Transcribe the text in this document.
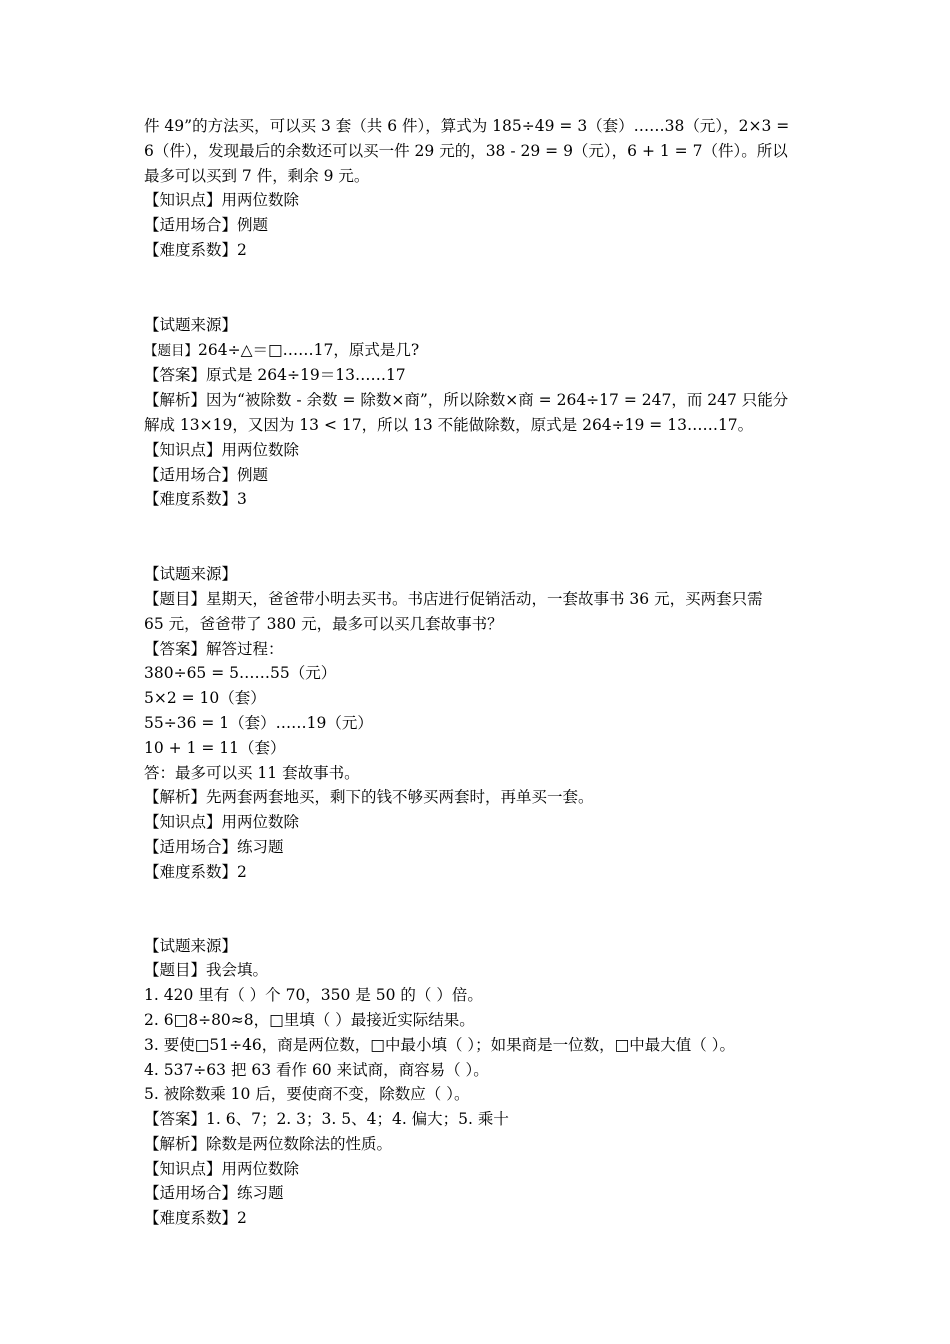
件 49”的方法买，可以买 3 套（共 6 件），算式为 185÷49 = 3（套）……38（元），2×3 =

6（件），发现最后的余数还可以买一件 29 元的，38 - 29 = 9（元），6 + 1 = 7（件）。所以

最多可以买到 7 件，剩余 9 元。

【知识点】用两位数除

【适用场合】例题

【难度系数】2

【试题来源】

【题目】264÷△＝□……17，原式是几?

【答案】原式是 264÷19＝13……17

【解析】因为“被除数 - 余数 = 除数×商”，所以除数×商 = 264÷17 = 247，而 247 只能分

解成 13×19，又因为 13 < 17，所以 13 不能做除数，原式是 264÷19 = 13……17。

【知识点】用两位数除

【适用场合】例题

【难度系数】3

【试题来源】

【题目】星期天，爸爸带小明去买书。书店进行促销活动，一套故事书 36 元，买两套只需

65 元，爸爸带了 380 元，最多可以买几套故事书？

【答案】解答过程：

380÷65 = 5……55（元）

5×2 = 10（套）

55÷36 = 1（套）……19（元）

10 + 1 = 11（套）

答：最多可以买 11 套故事书。

【解析】先两套两套地买，剩下的钱不够买两套时，再单买一套。

【知识点】用两位数除

【适用场合】练习题

【难度系数】2

【试题来源】

【题目】我会填。

1. 420 里有（ ）个 70，350 是 50 的（ ）倍。

2. 6□8÷80≈8，□里填（ ）最接近实际结果。

3. 要使□51÷46，商是两位数，□中最小填（ ）；如果商是一位数，□中最大值（ ）。

4. 537÷63 把 63 看作 60 来试商，商容易（ ）。

5. 被除数乘 10 后，要使商不变，除数应（ ）。

【答案】1. 6、7；2. 3；3. 5、4；4. 偏大；5. 乘十

【解析】除数是两位数除法的性质。

【知识点】用两位数除

【适用场合】练习题

【难度系数】2
